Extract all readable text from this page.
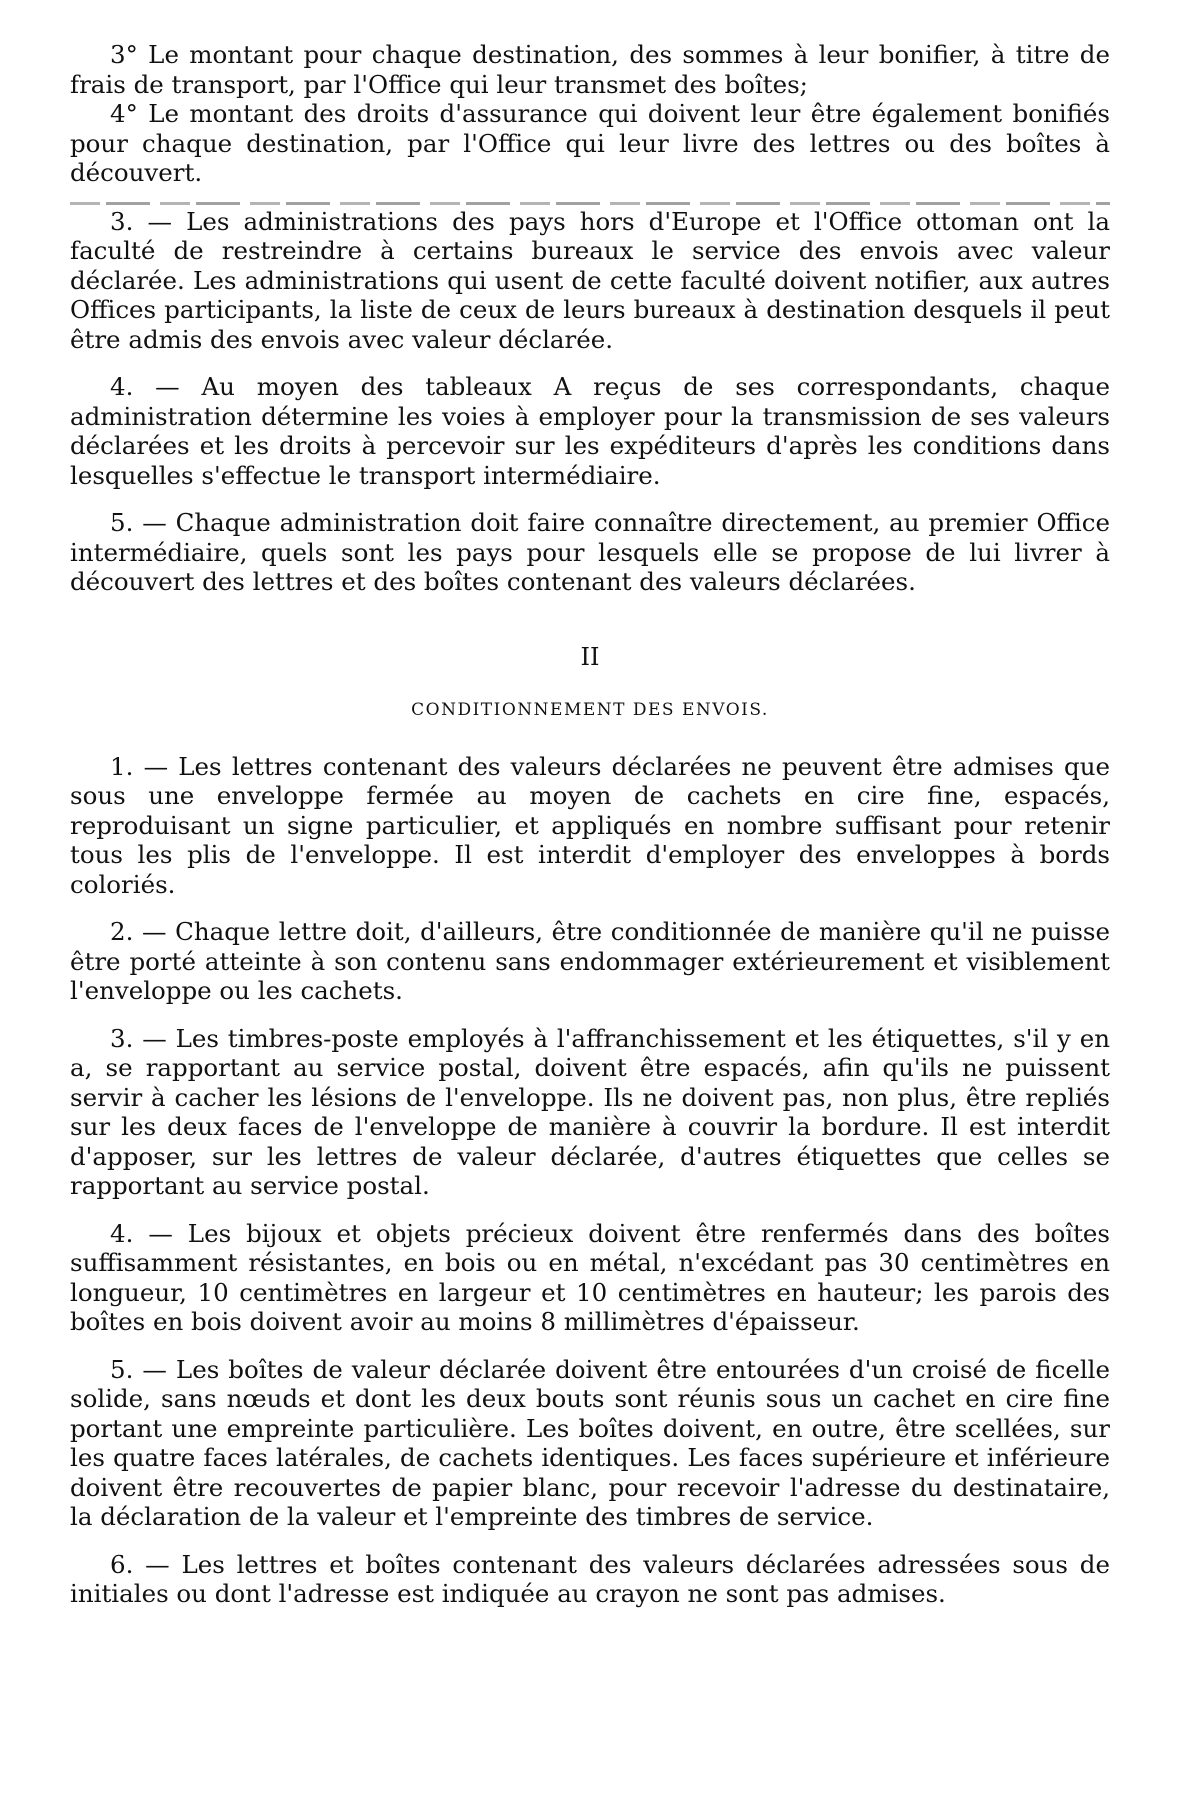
3° Le montant pour chaque destination, des sommes à leur bonifier, à titre de frais de transport, par l'Office qui leur transmet des boîtes;

4° Le montant des droits d'assurance qui doivent leur être également bonifiés pour chaque destination, par l'Office qui leur livre des lettres ou des boîtes à découvert.

3. — Les administrations des pays hors d'Europe et l'Office ottoman ont la faculté de restreindre à certains bureaux le service des envois avec valeur déclarée. Les administrations qui usent de cette faculté doivent notifier, aux autres Offices participants, la liste de ceux de leurs bureaux à destination desquels il peut être admis des envois avec valeur déclarée.

4. — Au moyen des tableaux A reçus de ses correspondants, chaque administration détermine les voies à employer pour la transmission de ses valeurs déclarées et les droits à percevoir sur les expéditeurs d'après les conditions dans lesquelles s'effectue le transport intermédiaire.

5. — Chaque administration doit faire connaître directement, au premier Office intermédiaire, quels sont les pays pour lesquels elle se propose de lui livrer à découvert des lettres et des boîtes contenant des valeurs déclarées.

II
CONDITIONNEMENT DES ENVOIS.

1. — Les lettres contenant des valeurs déclarées ne peuvent être admises que sous une enveloppe fermée au moyen de cachets en cire fine, espacés, reproduisant un signe particulier, et appliqués en nombre suffisant pour retenir tous les plis de l'enveloppe. Il est interdit d'employer des enveloppes à bords coloriés.

2. — Chaque lettre doit, d'ailleurs, être conditionnée de manière qu'il ne puisse être porté atteinte à son contenu sans endommager extérieurement et visiblement l'enveloppe ou les cachets.

3. — Les timbres-poste employés à l'affranchissement et les étiquettes, s'il y en a, se rapportant au service postal, doivent être espacés, afin qu'ils ne puissent servir à cacher les lésions de l'enveloppe. Ils ne doivent pas, non plus, être repliés sur les deux faces de l'enveloppe de manière à couvrir la bordure. Il est interdit d'apposer, sur les lettres de valeur déclarée, d'autres étiquettes que celles se rapportant au service postal.

4. — Les bijoux et objets précieux doivent être renfermés dans des boîtes suffisamment résistantes, en bois ou en métal, n'excédant pas 30 centimètres en longueur, 10 centimètres en largeur et 10 centimètres en hauteur; les parois des boîtes en bois doivent avoir au moins 8 millimètres d'épaisseur.

5. — Les boîtes de valeur déclarée doivent être entourées d'un croisé de ficelle solide, sans nœuds et dont les deux bouts sont réunis sous un cachet en cire fine portant une empreinte particulière. Les boîtes doivent, en outre, être scellées, sur les quatre faces latérales, de cachets identiques. Les faces supérieure et inférieure doivent être recouvertes de papier blanc, pour recevoir l'adresse du destinataire, la déclaration de la valeur et l'empreinte des timbres de service.

6. — Les lettres et boîtes contenant des valeurs déclarées adressées sous de initiales ou dont l'adresse est indiquée au crayon ne sont pas admises.
